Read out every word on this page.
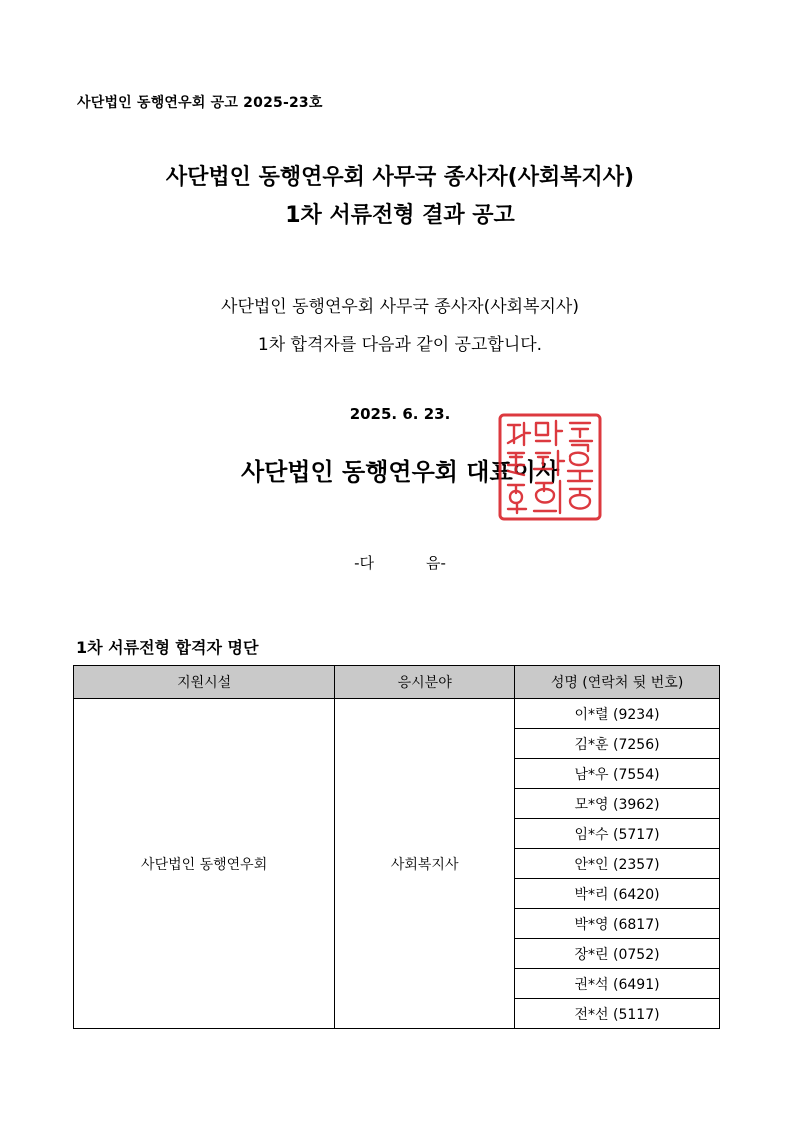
사단법인 동행연우회 공고 2025-23호
사단법인 동행연우회 사무국 종사자(사회복지사)
1차 서류전형 결과 공고
사단법인 동행연우회 사무국 종사자(사회복지사)
1차 합격자를 다음과 같이 공고합니다.
2025. 6. 23.
사단법인 동행연우회 대표이사
-다	음-
1차 서류전형 합격자 명단
지원시설	응시분야	성명 (연락처 뒷 번호)
사단법인 동행연우회	사회복지사	이*렬 (9234)
		김*훈 (7256)
		남*우 (7554)
		모*영 (3962)
		임*수 (5717)
		안*인 (2357)
		박*리 (6420)
		박*영 (6817)
		장*린 (0752)
		권*석 (6491)
		전*선 (5117)
